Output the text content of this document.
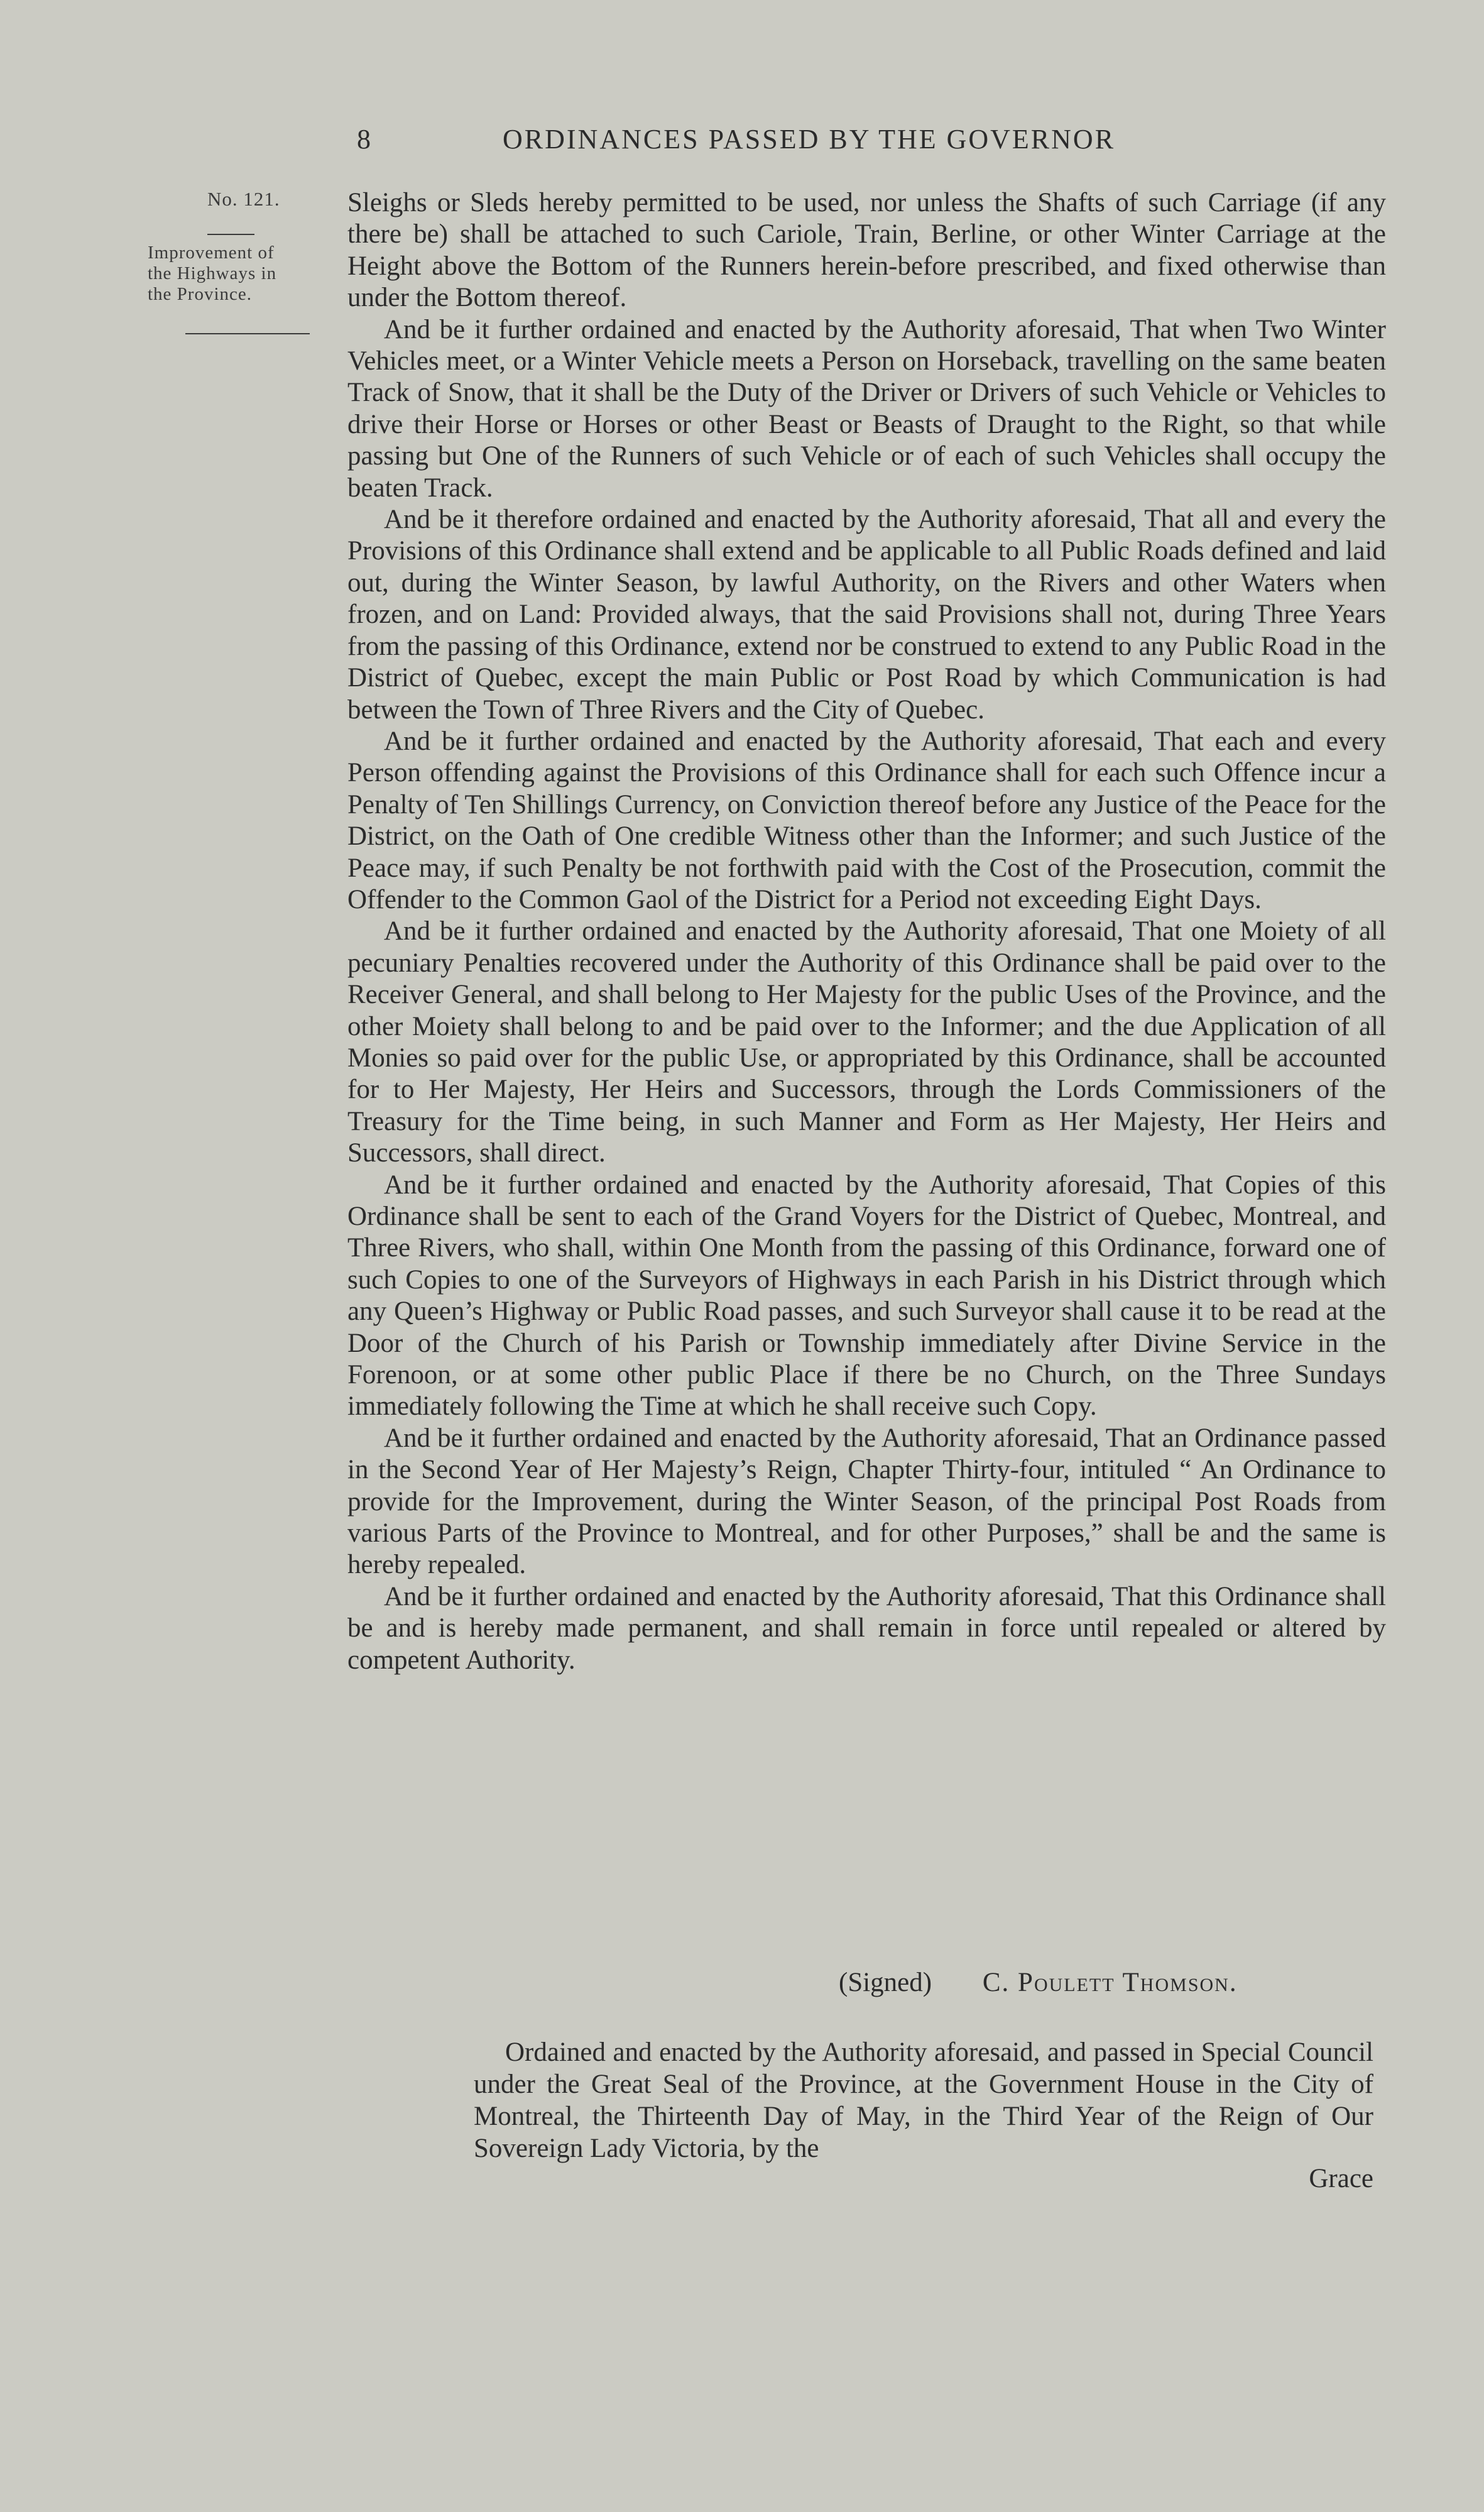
8	ORDINANCES PASSED BY THE GOVERNOR
No. 121.
Improvement of
the Highways in
the Province.

Sleighs or Sleds hereby permitted to be used, nor unless the Shafts of such Carriage (if any there be) shall be attached to such Cariole, Train, Berline, or other Winter Carriage at the Height above the Bottom of the Runners herein-before prescribed, and fixed otherwise than under the Bottom thereof.

And be it further ordained and enacted by the Authority aforesaid, That when Two Winter Vehicles meet, or a Winter Vehicle meets a Person on Horseback, travelling on the same beaten Track of Snow, that it shall be the Duty of the Driver or Drivers of such Vehicle or Vehicles to drive their Horse or Horses or other Beast or Beasts of Draught to the Right, so that while passing but One of the Runners of such Vehicle or of each of such Vehicles shall occupy the beaten Track.

And be it therefore ordained and enacted by the Authority aforesaid, That all and every the Provisions of this Ordinance shall extend and be applicable to all Public Roads defined and laid out, during the Winter Season, by lawful Authority, on the Rivers and other Waters when frozen, and on Land: Provided always, that the said Provisions shall not, during Three Years from the passing of this Ordinance, extend nor be construed to extend to any Public Road in the District of Quebec, except the main Public or Post Road by which Communication is had between the Town of Three Rivers and the City of Quebec.

And be it further ordained and enacted by the Authority aforesaid, That each and every Person offending against the Provisions of this Ordinance shall for each such Offence incur a Penalty of Ten Shillings Currency, on Conviction thereof before any Justice of the Peace for the District, on the Oath of One credible Witness other than the Informer; and such Justice of the Peace may, if such Penalty be not forthwith paid with the Cost of the Prosecution, commit the Offender to the Common Gaol of the District for a Period not exceeding Eight Days.

And be it further ordained and enacted by the Authority aforesaid, That one Moiety of all pecuniary Penalties recovered under the Authority of this Ordinance shall be paid over to the Receiver General, and shall belong to Her Majesty for the public Uses of the Province, and the other Moiety shall belong to and be paid over to the Informer; and the due Application of all Monies so paid over for the public Use, or appropriated by this Ordinance, shall be accounted for to Her Majesty, Her Heirs and Successors, through the Lords Commissioners of the Treasury for the Time being, in such Manner and Form as Her Majesty, Her Heirs and Successors, shall direct.

And be it further ordained and enacted by the Authority aforesaid, That Copies of this Ordinance shall be sent to each of the Grand Voyers for the District of Quebec, Montreal, and Three Rivers, who shall, within One Month from the passing of this Ordinance, forward one of such Copies to one of the Surveyors of Highways in each Parish in his District through which any Queen’s Highway or Public Road passes, and such Surveyor shall cause it to be read at the Door of the Church of his Parish or Township immediately after Divine Service in the Forenoon, or at some other public Place if there be no Church, on the Three Sundays immediately following the Time at which he shall receive such Copy.

And be it further ordained and enacted by the Authority aforesaid, That an Ordinance passed in the Second Year of Her Majesty’s Reign, Chapter Thirty-four, intituled “ An Ordinance to provide for the Improvement, during the Winter Season, of the principal Post Roads from various Parts of the Province to Montreal, and for other Purposes,” shall be and the same is hereby repealed.

And be it further ordained and enacted by the Authority aforesaid, That this Ordinance shall be and is hereby made permanent, and shall remain in force until repealed or altered by competent Authority.

(Signed) C. Poulett Thomson.

Ordained and enacted by the Authority aforesaid, and passed in Special Council under the Great Seal of the Province, at the Government House in the City of Montreal, the Thirteenth Day of May, in the Third Year of the Reign of Our Sovereign Lady Victoria, by the

Grace
